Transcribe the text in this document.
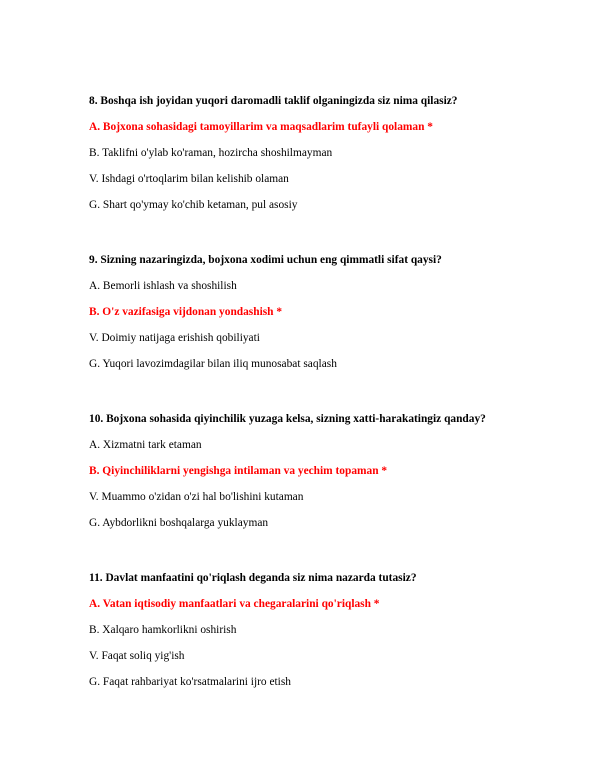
8. Boshqa ish joyidan yuqori daromadli taklif olganingizda siz nima qilasiz?
A. Bojxona sohasidagi tamoyillarim va maqsadlarim tufayli qolaman *
B. Taklifni o'ylab ko'raman, hozircha shoshilmayman
V. Ishdagi o'rtoqlarim bilan kelishib olaman
G. Shart qo'ymay ko'chib ketaman, pul asosiy
9. Sizning nazaringizda, bojxona xodimi uchun eng qimmatli sifat qaysi?
A. Bemorli ishlash va shoshilish
B. O'z vazifasiga vijdonan yondashish *
V. Doimiy natijaga erishish qobiliyati
G. Yuqori lavozimdagilar bilan iliq munosabat saqlash
10. Bojxona sohasida qiyinchilik yuzaga kelsa, sizning xatti-harakatingiz qanday?
A. Xizmatni tark etaman
B. Qiyinchiliklarni yengishga intilaman va yechim topaman *
V. Muammo o'zidan o'zi hal bo'lishini kutaman
G. Aybdorlikni boshqalarga yuklayman
11. Davlat manfaatini qo'riqlash deganda siz nima nazarda tutasiz?
A. Vatan iqtisodiy manfaatlari va chegaralarini qo'riqlash *
B. Xalqaro hamkorlikni oshirish
V. Faqat soliq yig'ish
G. Faqat rahbariyat ko'rsatmalarini ijro etish
